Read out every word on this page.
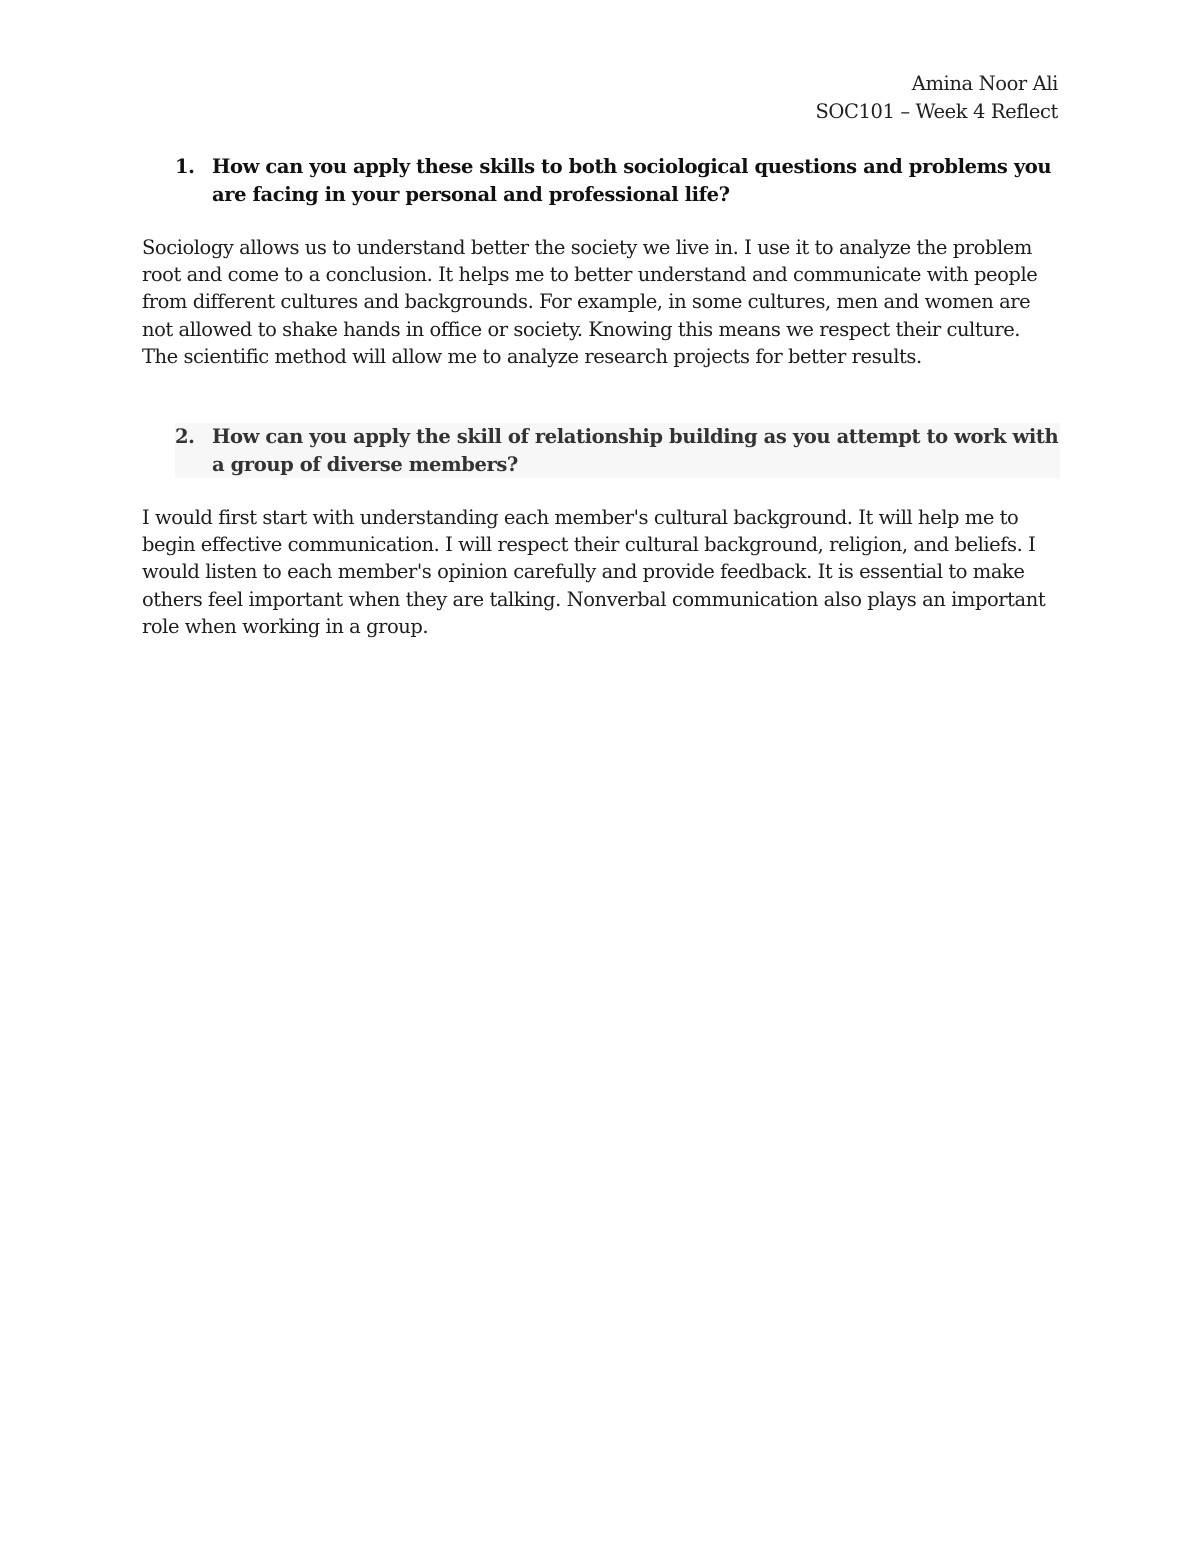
Amina Noor Ali
SOC101 – Week 4 Reflect
1. How can you apply these skills to both sociological questions and problems you are facing in your personal and professional life?

Sociology allows us to understand better the society we live in. I use it to analyze the problem root and come to a conclusion. It helps me to better understand and communicate with people from different cultures and backgrounds. For example, in some cultures, men and women are not allowed to shake hands in office or society. Knowing this means we respect their culture. The scientific method will allow me to analyze research projects for better results.

2. How can you apply the skill of relationship building as you attempt to work with a group of diverse members?

I would first start with understanding each member's cultural background. It will help me to begin effective communication. I will respect their cultural background, religion, and beliefs. I would listen to each member's opinion carefully and provide feedback. It is essential to make others feel important when they are talking. Nonverbal communication also plays an important role when working in a group.
